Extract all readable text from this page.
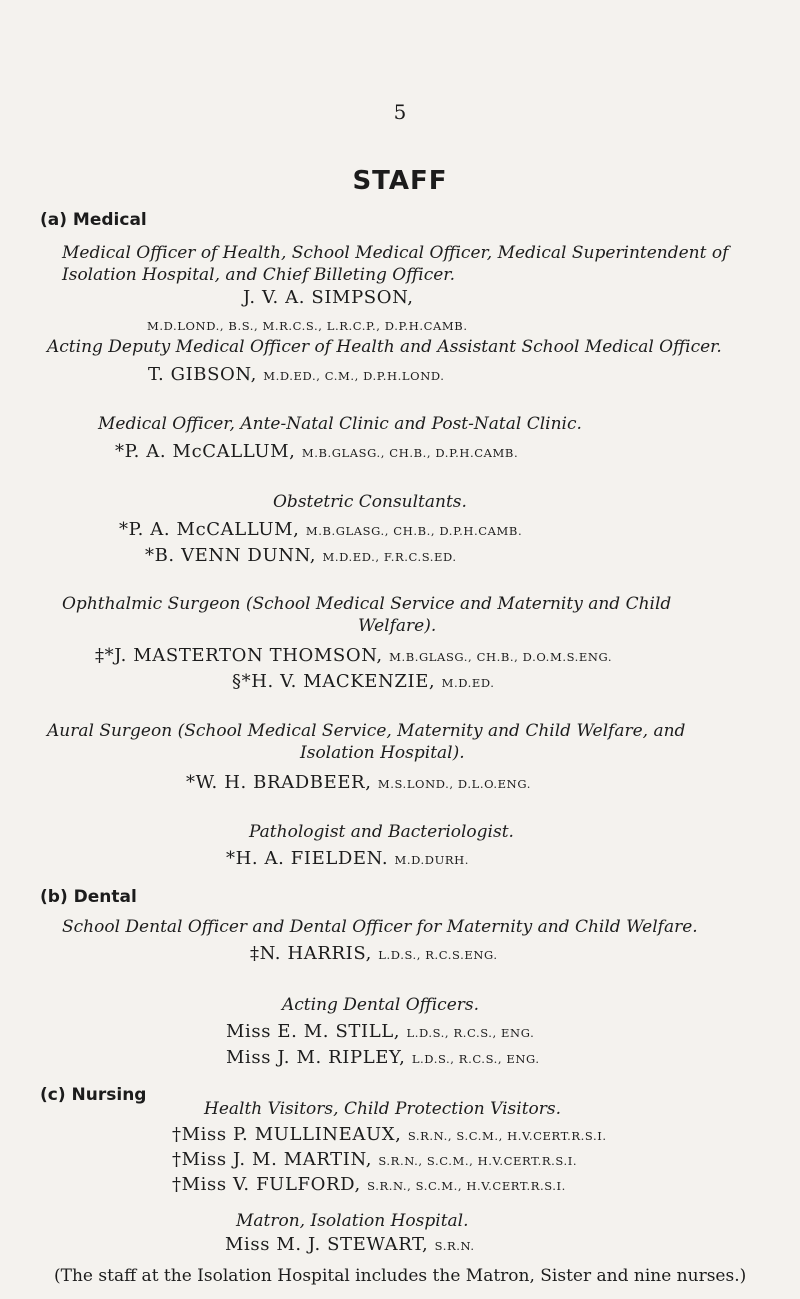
5
STAFF
(a) Medical
Medical Officer of Health, School Medical Officer, Medical Superintendent of Isolation Hospital, and Chief Billeting Officer.
J. V. A. SIMPSON,
M.D.LOND., B.S., M.R.C.S., L.R.C.P., D.P.H.CAMB.
Acting Deputy Medical Officer of Health and Assistant School Medical Officer.
T. GIBSON, M.D.ED., C.M., D.P.H.LOND.
Medical Officer, Ante-Natal Clinic and Post-Natal Clinic.
*P. A. McCALLUM, M.B.GLASG., CH.B., D.P.H.CAMB.
Obstetric Consultants.
*P. A. McCALLUM, M.B.GLASG., CH.B., D.P.H.CAMB.
*B. VENN DUNN, M.D.ED., F.R.C.S.ED.
Ophthalmic Surgeon (School Medical Service and Maternity and Child
Welfare).
‡*J. MASTERTON THOMSON, M.B.GLASG., CH.B., D.O.M.S.ENG.
§*H. V. MACKENZIE, M.D.ED.
Aural Surgeon (School Medical Service, Maternity and Child Welfare, and
Isolation Hospital).
*W. H. BRADBEER, M.S.LOND., D.L.O.ENG.
Pathologist and Bacteriologist.
*H. A. FIELDEN. M.D.DURH.
(b) Dental
School Dental Officer and Dental Officer for Maternity and Child Welfare.
‡N. HARRIS, L.D.S., R.C.S.ENG.
Acting Dental Officers.
Miss E. M. STILL, L.D.S., R.C.S., ENG.
Miss J. M. RIPLEY, L.D.S., R.C.S., ENG.
(c) Nursing
Health Visitors, Child Protection Visitors.
†Miss P. MULLINEAUX, S.R.N., S.C.M., H.V.CERT.R.S.I.
†Miss J. M. MARTIN, S.R.N., S.C.M., H.V.CERT.R.S.I.
†Miss V. FULFORD, S.R.N., S.C.M., H.V.CERT.R.S.I.
Matron, Isolation Hospital.
Miss M. J. STEWART, S.R.N.
(The staff at the Isolation Hospital includes the Matron, Sister and nine nurses.)
